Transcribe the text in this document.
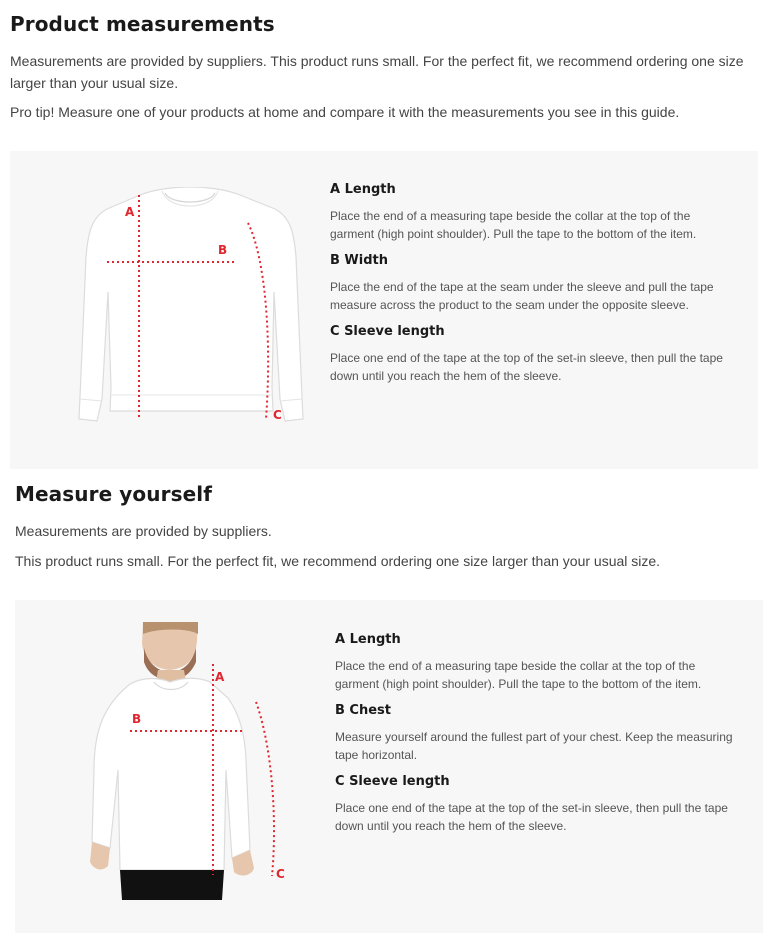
Product measurements

Measurements are provided by suppliers. This product runs small. For the perfect fit, we recommend ordering one size larger than your usual size.

Pro tip! Measure one of your products at home and compare it with the measurements you see in this guide.

A
B
C
A Length
Place the end of a measuring tape beside the collar at the top of the garment (high point shoulder). Pull the tape to the bottom of the item.
B Width
Place the end of the tape at the seam under the sleeve and pull the tape measure across the product to the seam under the opposite sleeve.
C Sleeve length
Place one end of the tape at the top of the set-in sleeve, then pull the tape down until you reach the hem of the sleeve.
Measure yourself

Measurements are provided by suppliers.

This product runs small. For the perfect fit, we recommend ordering one size larger than your usual size.

A
B
C
A Length
Place the end of a measuring tape beside the collar at the top of the garment (high point shoulder). Pull the tape to the bottom of the item.
B Chest
Measure yourself around the fullest part of your chest. Keep the measuring tape horizontal.
C Sleeve length
Place one end of the tape at the top of the set-in sleeve, then pull the tape down until you reach the hem of the sleeve.
